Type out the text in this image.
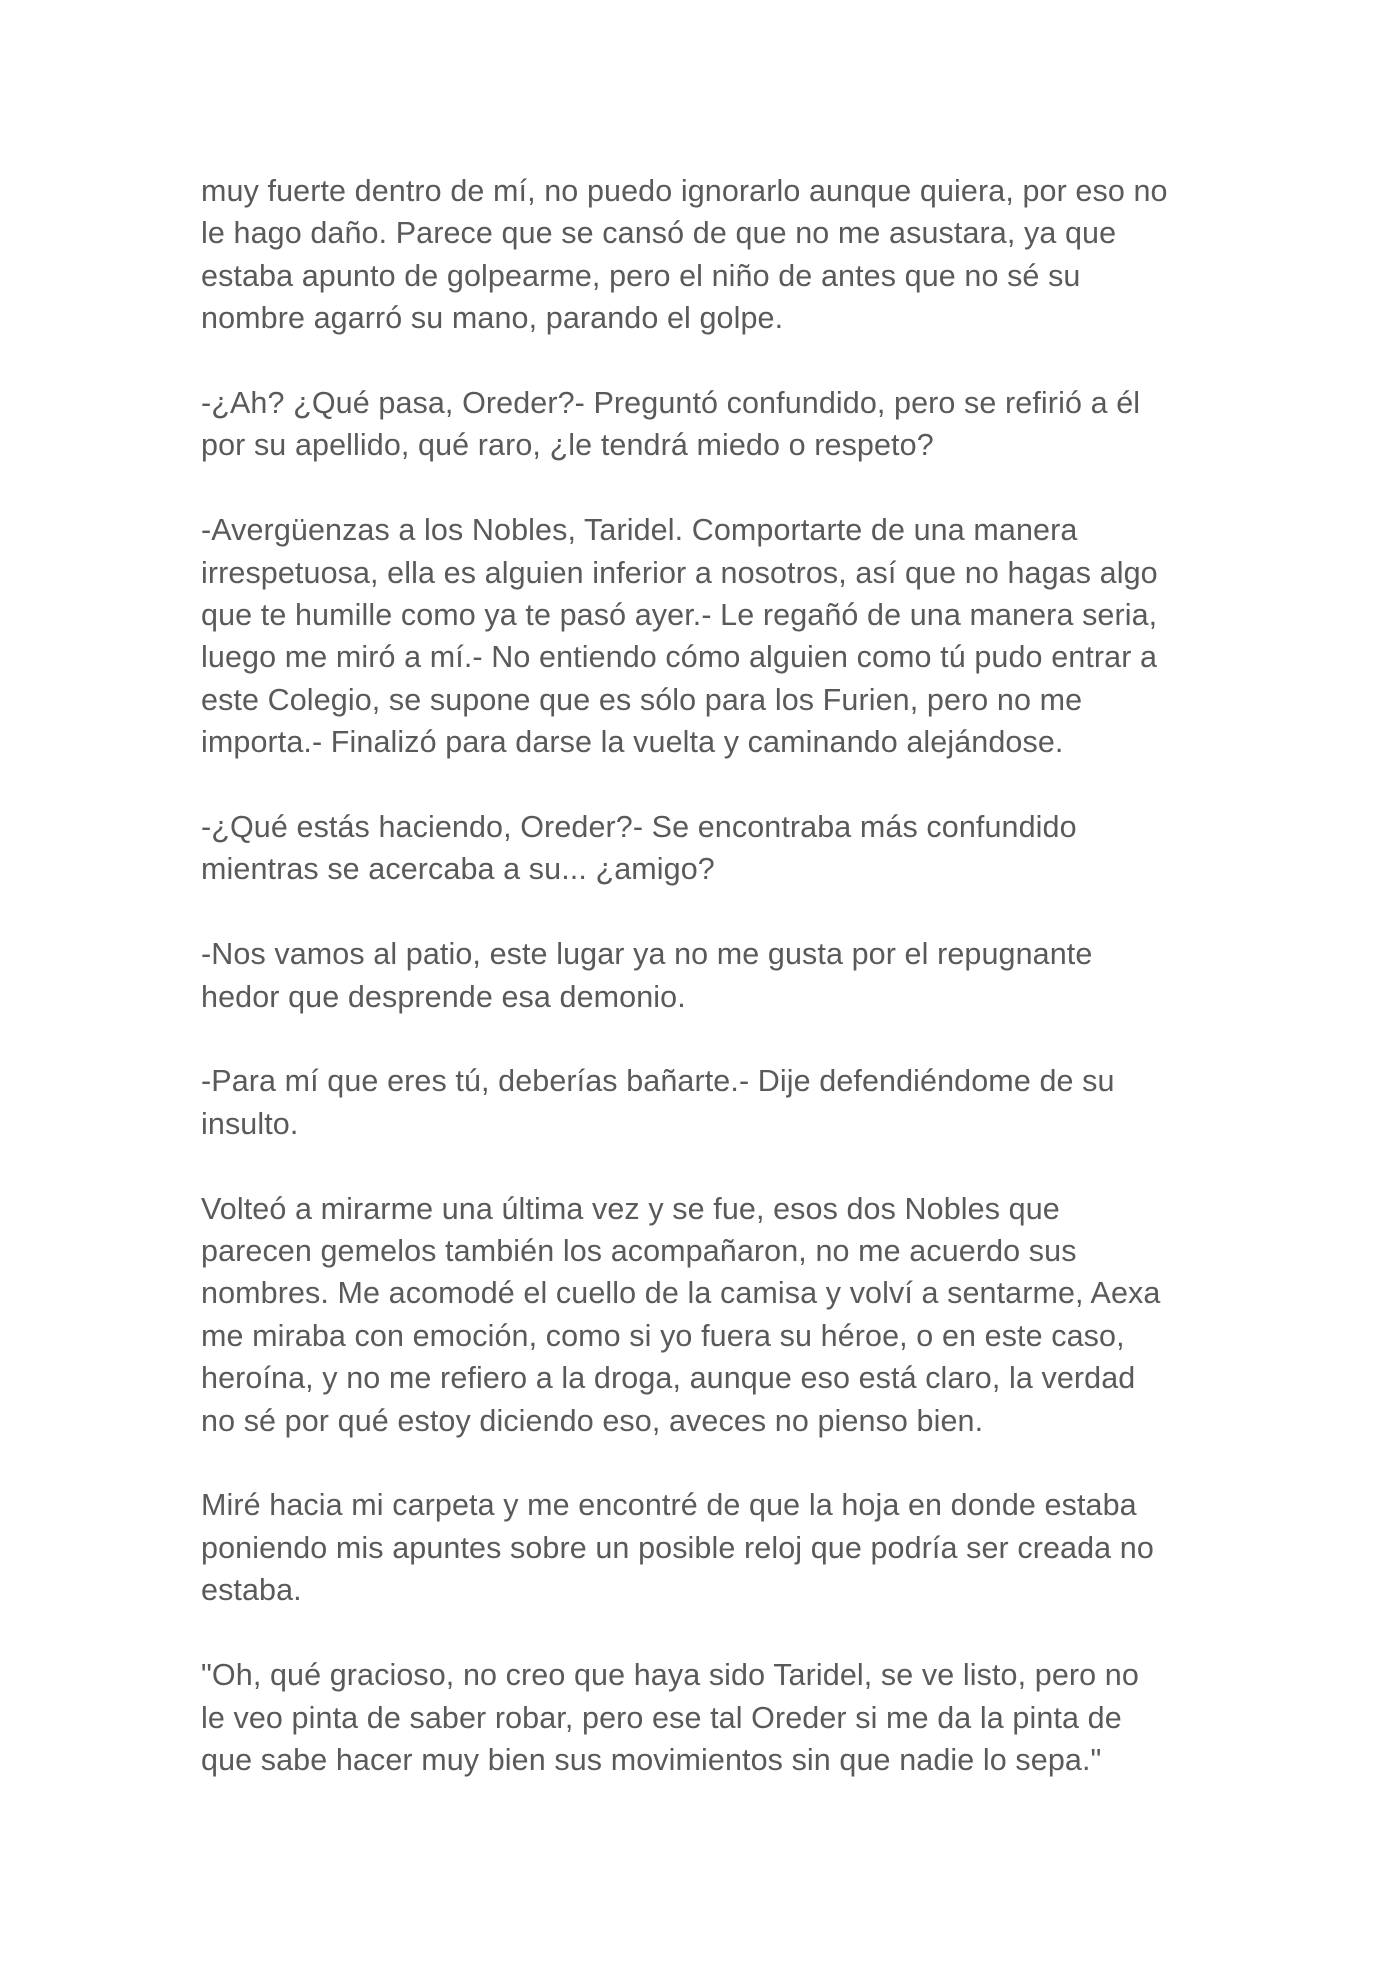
muy fuerte dentro de mí, no puedo ignorarlo aunque quiera, por eso no
le hago daño. Parece que se cansó de que no me asustara, ya que
estaba apunto de golpearme, pero el niño de antes que no sé su
nombre agarró su mano, parando el golpe.

-¿Ah? ¿Qué pasa, Oreder?- Preguntó confundido, pero se refirió a él
por su apellido, qué raro, ¿le tendrá miedo o respeto?

-Avergüenzas a los Nobles, Taridel. Comportarte de una manera
irrespetuosa, ella es alguien inferior a nosotros, así que no hagas algo
que te humille como ya te pasó ayer.- Le regañó de una manera seria,
luego me miró a mí.- No entiendo cómo alguien como tú pudo entrar a
este Colegio, se supone que es sólo para los Furien, pero no me
importa.- Finalizó para darse la vuelta y caminando alejándose.

-¿Qué estás haciendo, Oreder?- Se encontraba más confundido
mientras se acercaba a su... ¿amigo?

-Nos vamos al patio, este lugar ya no me gusta por el repugnante
hedor que desprende esa demonio.

-Para mí que eres tú, deberías bañarte.- Dije defendiéndome de su
insulto.

Volteó a mirarme una última vez y se fue, esos dos Nobles que
parecen gemelos también los acompañaron, no me acuerdo sus
nombres. Me acomodé el cuello de la camisa y volví a sentarme, Aexa
me miraba con emoción, como si yo fuera su héroe, o en este caso,
heroína, y no me refiero a la droga, aunque eso está claro, la verdad
no sé por qué estoy diciendo eso, aveces no pienso bien.

Miré hacia mi carpeta y me encontré de que la hoja en donde estaba
poniendo mis apuntes sobre un posible reloj que podría ser creada no
estaba.

"Oh, qué gracioso, no creo que haya sido Taridel, se ve listo, pero no
le veo pinta de saber robar, pero ese tal Oreder si me da la pinta de
que sabe hacer muy bien sus movimientos sin que nadie lo sepa."
